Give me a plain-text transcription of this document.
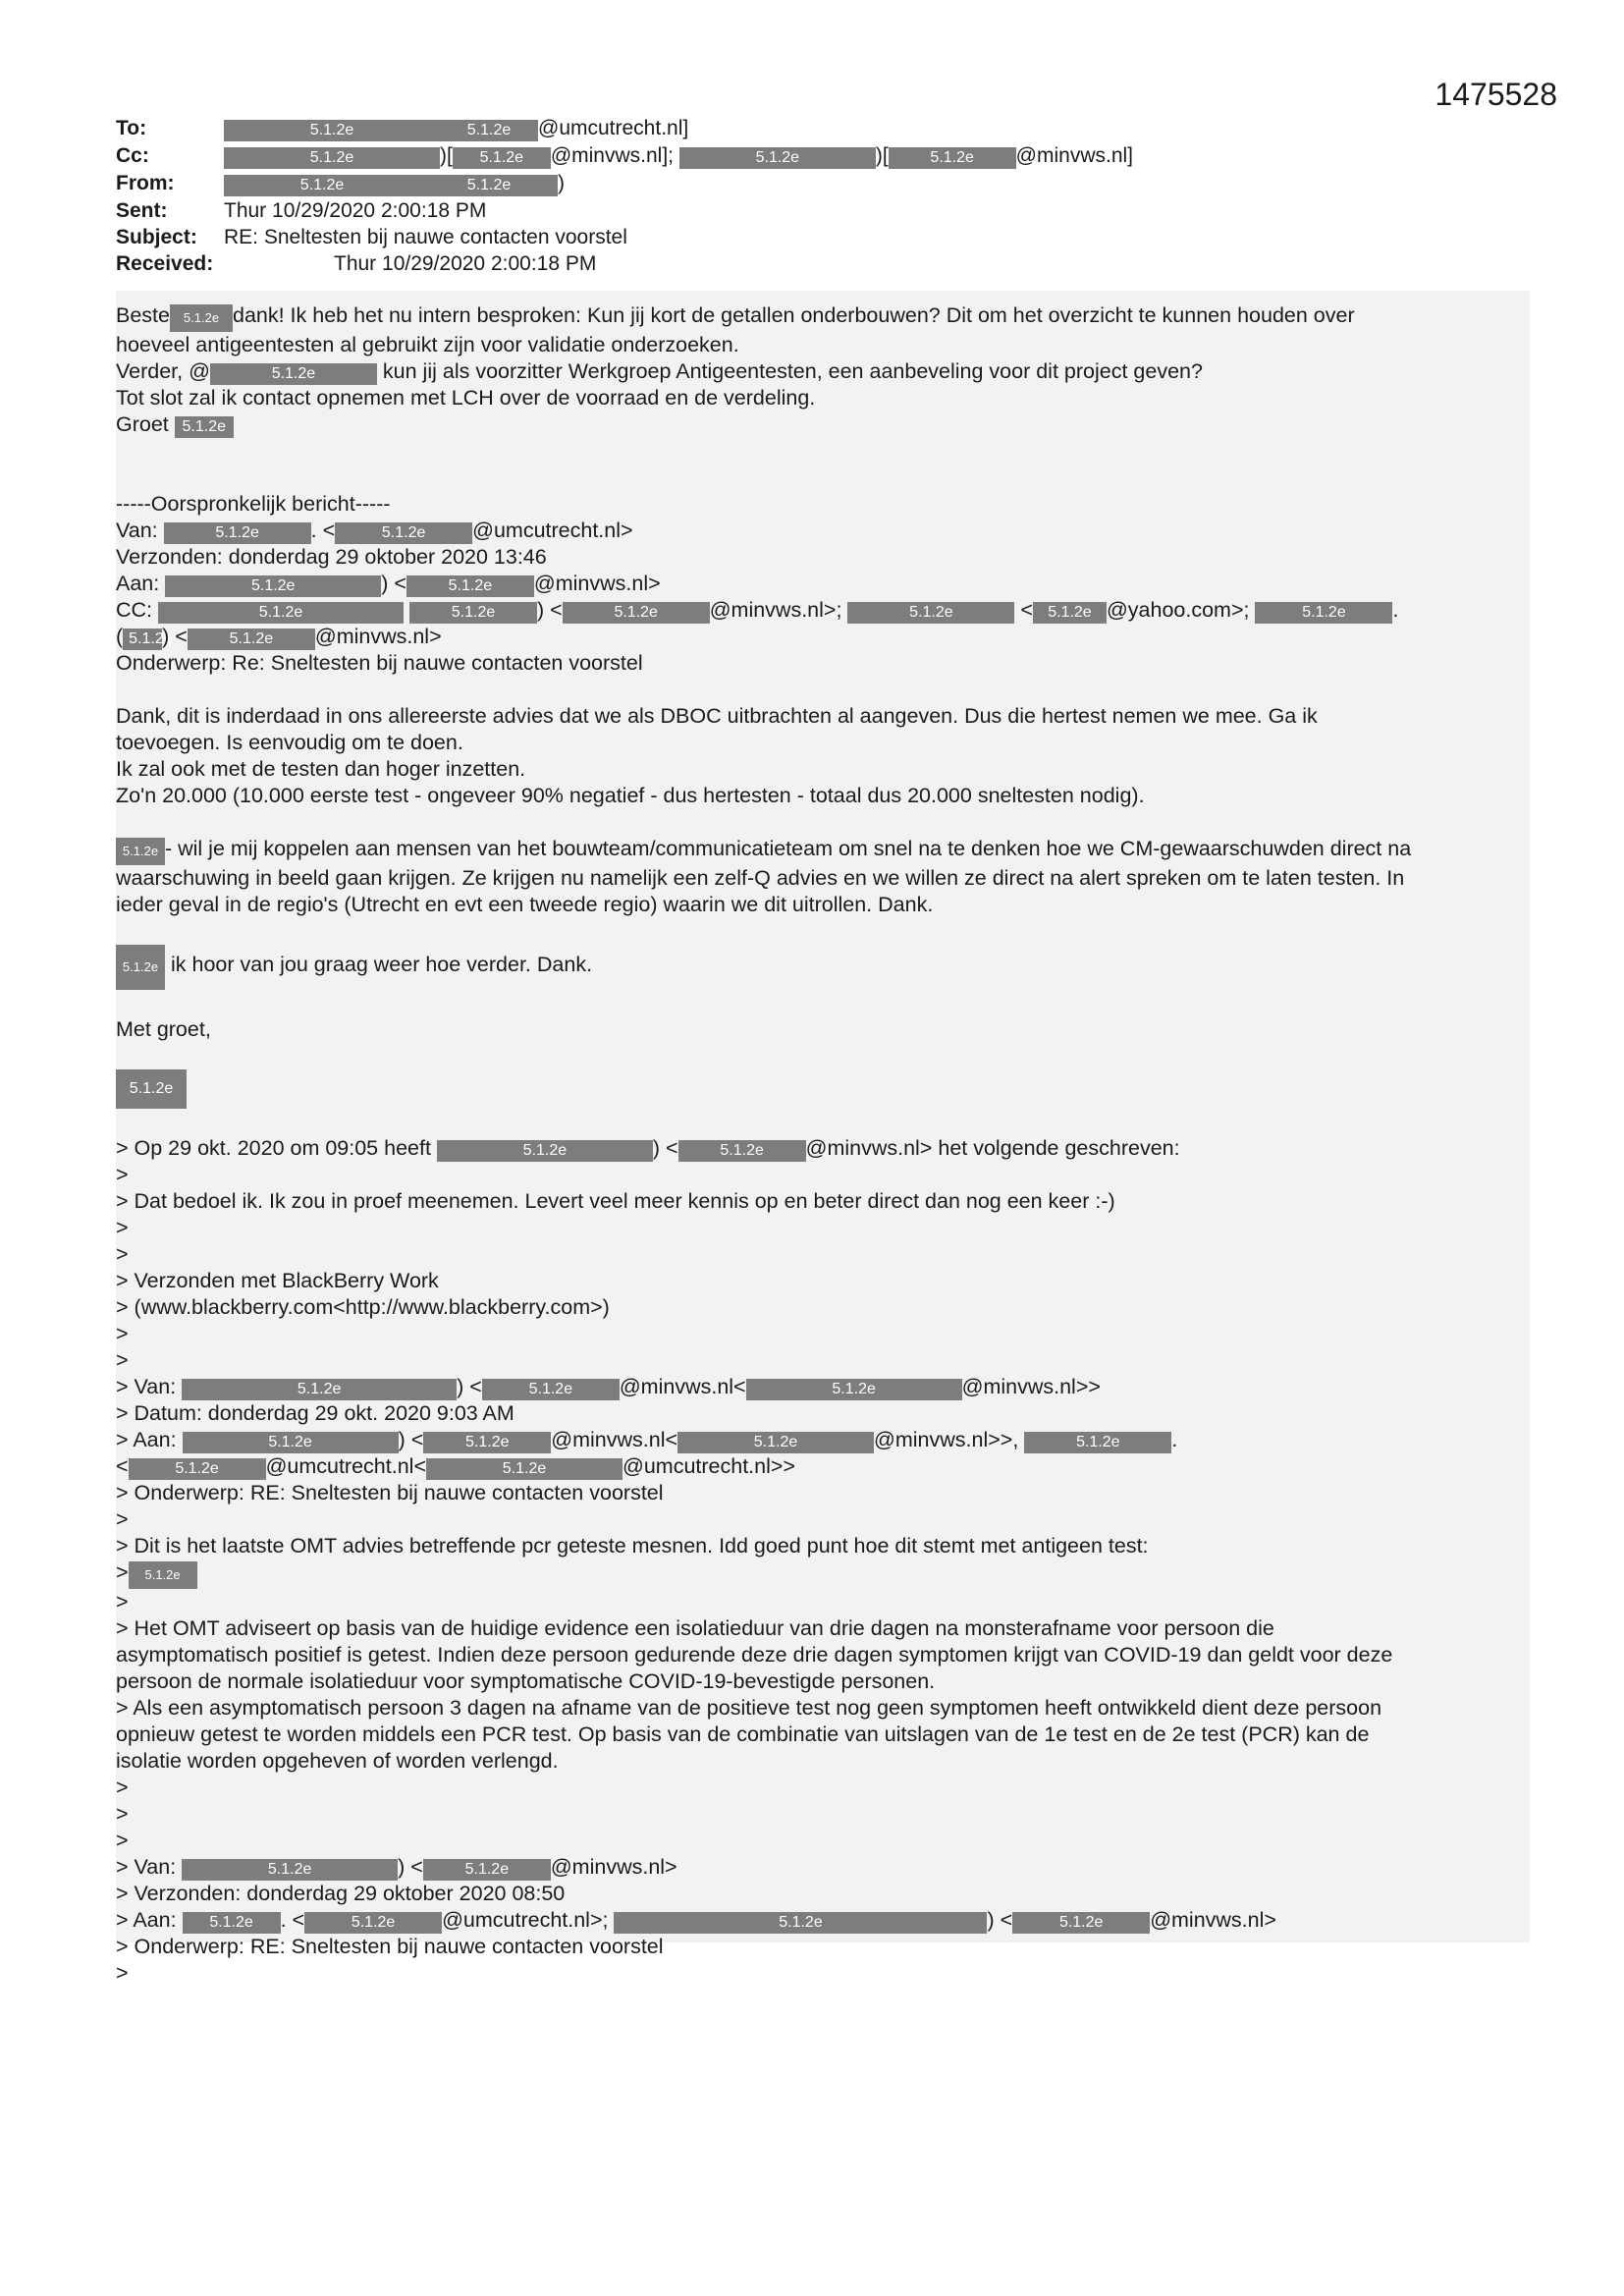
1475528
To:	5.1.2e	5.1.2e @umcutrecht.nl]
Cc:	5.1.2e	)[ 5.1.2e @minvws.nl];	5.1.2e	)[	5.1.2e @minvws.nl]
From:	5.1.2e	5.1.2e )
Sent:	Thur 10/29/2020 2:00:18 PM
Subject:	RE: Sneltesten bij nauwe contacten voorstel
Received:	Thur 10/29/2020 2:00:18 PM
Beste 5.1.2e dank! Ik heb het nu intern besproken: Kun jij kort de getallen onderbouwen? Dit om het overzicht te kunnen houden over
hoeveel antigeentesten al gebruikt zijn voor validatie onderzoeken.
Verder, @	5.1.2e	kun jij als voorzitter Werkgroep Antigeentesten, een aanbeveling voor dit project geven?
Tot slot zal ik contact opnemen met LCH over de voorraad en de verdeling.
Groet 5.1.2e
-----Oorspronkelijk bericht-----
Van:	5.1.2e . <	5.1.2e @umcutrecht.nl>
Verzonden: donderdag 29 oktober 2020 13:46
Aan:	5.1.2e	) <	5.1.2e @minvws.nl>
CC:	5.1.2e	5.1.2e ) <	5.1.2e @minvws.nl>;	5.1.2e	< 5.1.2e @yahoo.com>;	5.1.2e .
( 5.1.2e) <	5.1.2e @minvws.nl>
Onderwerp: Re: Sneltesten bij nauwe contacten voorstel
Dank, dit is inderdaad in ons allereerste advies dat we als DBOC uitbrachten al aangeven. Dus die hertest nemen we mee. Ga ik
toevoegen. Is eenvoudig om te doen.
Ik zal ook met de testen dan hoger inzetten.
Zo'n 20.000 (10.000 eerste test - ongeveer 90% negatief - dus hertesten - totaal dus 20.000 sneltesten nodig).
5.1.2e - wil je mij koppelen aan mensen van het bouwteam/communicatieteam om snel na te denken hoe we CM-gewaarschuwden direct na
waarschuwing in beeld gaan krijgen. Ze krijgen nu namelijk een zelf-Q advies en we willen ze direct na alert spreken om te laten testen. In
ieder geval in de regio's (Utrecht en evt een tweede regio) waarin we dit uitrollen. Dank.
5.1.2e ik hoor van jou graag weer hoe verder. Dank.
Met groet,
5.1.2e
> Op 29 okt. 2020 om 09:05 heeft	5.1.2e	) <	5.1.2e @minvws.nl> het volgende geschreven:
>
> Dat bedoel ik. Ik zou in proef meenemen. Levert veel meer kennis op en beter direct dan nog een keer :-)
>
>
> Verzonden met BlackBerry Work
> (www.blackberry.com<http://www.blackberry.com>)
>
>
> Van:	5.1.2e	) <	5.1.2e @minvws.nl<	5.1.2e	@minvws.nl>>
> Datum: donderdag 29 okt. 2020 9:03 AM
> Aan:	5.1.2e	) <	5.1.2e @minvws.nl<	5.1.2e	@minvws.nl>>,	5.1.2e .
<	5.1.2e @umcutrecht.nl<	5.1.2e	@umcutrecht.nl>>
> Onderwerp: RE: Sneltesten bij nauwe contacten voorstel
>
> Dit is het laatste OMT advies betreffende pcr geteste mesnen. Idd goed punt hoe dit stemt met antigeen test:
> 5.1.2e
>
> Het OMT adviseert op basis van de huidige evidence een isolatieduur van drie dagen na monsterafname voor persoon die
asymptomatisch positief is getest. Indien deze persoon gedurende deze drie dagen symptomen krijgt van COVID-19 dan geldt voor deze
persoon de normale isolatieduur voor symptomatische COVID-19-bevestigde personen.
> Als een asymptomatisch persoon 3 dagen na afname van de positieve test nog geen symptomen heeft ontwikkeld dient deze persoon
opnieuw getest te worden middels een PCR test. Op basis van de combinatie van uitslagen van de 1e test en de 2e test (PCR) kan de
isolatie worden opgeheven of worden verlengd.
>
>
>
> Van:	5.1.2e	) <	5.1.2e @minvws.nl>
> Verzonden: donderdag 29 oktober 2020 08:50
> Aan: 5.1.2e . <	5.1.2e @umcutrecht.nl>;	5.1.2e	) <	5.1.2e @minvws.nl>
> Onderwerp: RE: Sneltesten bij nauwe contacten voorstel
>
